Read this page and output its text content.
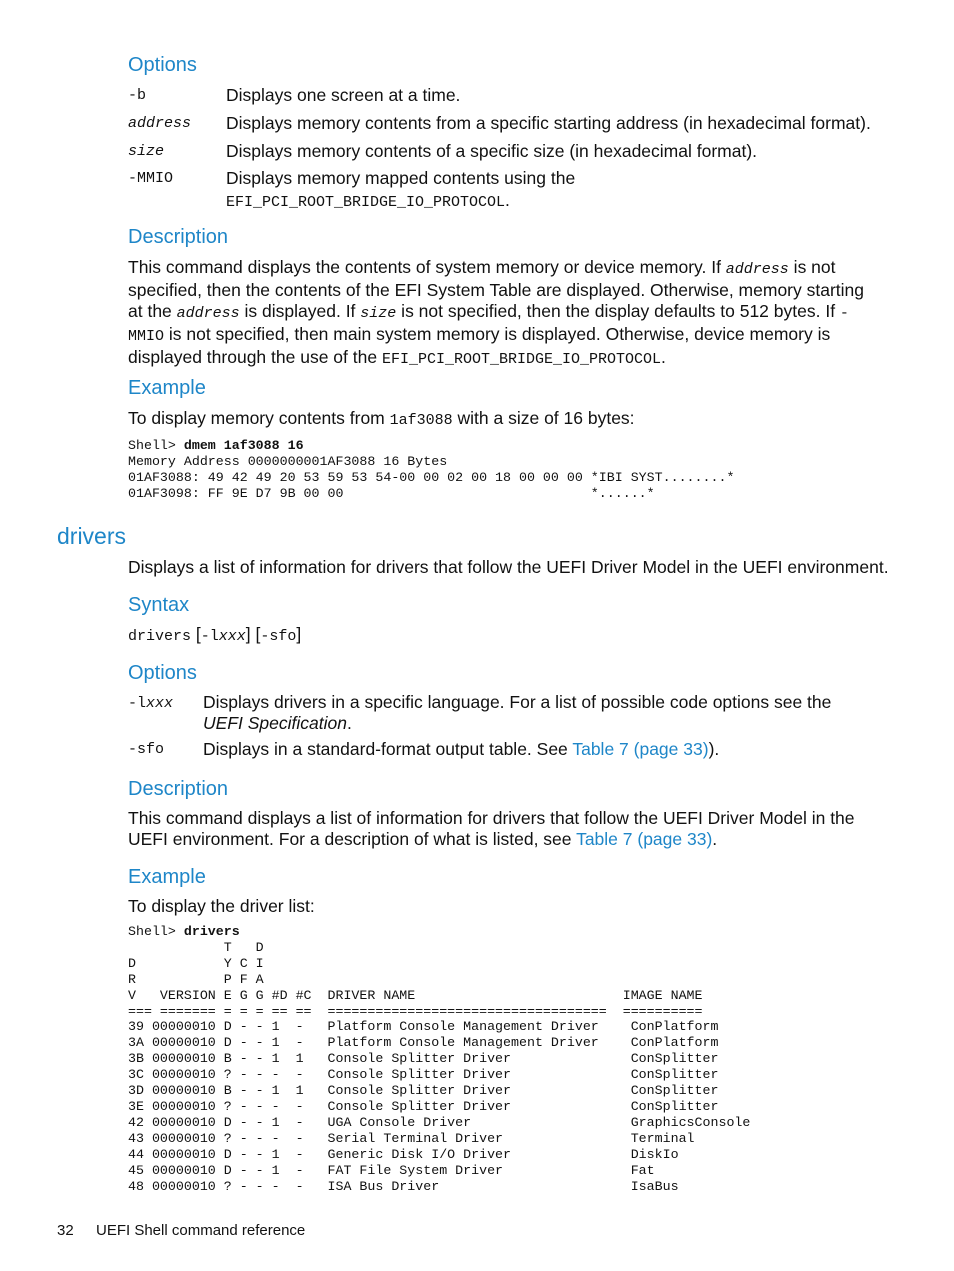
Options
-b	Displays one screen at a time.
address Displays memory contents from a specific starting address (in hexadecimal format).
size	Displays memory contents of a specific size (in hexadecimal format).
-MMIO	Displays memory mapped contents using the
EFI_PCI_ROOT_BRIDGE_IO_PROTOCOL.
Description
This command displays the contents of system memory or device memory. If address is not specified, then the contents of the EFI System Table are displayed. Otherwise, memory starting at the address is displayed. If size is not specified, then the display defaults to 512 bytes. If -MMIO is not specified, then main system memory is displayed. Otherwise, device memory is displayed through the use of the EFI_PCI_ROOT_BRIDGE_IO_PROTOCOL.
Example
To display memory contents from 1af3088 with a size of 16 bytes:
Shell> dmem 1af3088 16
Memory Address 0000000001AF3088 16 Bytes
01AF3088: 49 42 49 20 53 59 53 54-00 00 02 00 18 00 00 00 *IBI SYST........*
01AF3098: FF 9E D7 9B 00 00                               *......*
drivers
Displays a list of information for drivers that follow the UEFI Driver Model in the UEFI environment.
Syntax
drivers [-lxxx] [-sfo]
Options
-lxxx Displays drivers in a specific language. For a list of possible code options see the UEFI Specification.
-sfo Displays in a standard-format output table. See Table 7 (page 33)).
Description
This command displays a list of information for drivers that follow the UEFI Driver Model in the UEFI environment. For a description of what is listed, see Table 7 (page 33).
Example
To display the driver list:
Shell> drivers
T   D
D           Y C I
R           P F A
V   VERSION E G G #D #C  DRIVER NAME                          IMAGE NAME
=== ======= = = = == ==  ===================================  ==========
39 00000010 D - - 1  -   Platform Console Management Driver    ConPlatform
3A 00000010 D - - 1  -   Platform Console Management Driver    ConPlatform
3B 00000010 B - - 1  1   Console Splitter Driver               ConSplitter
3C 00000010 ? - - -  -   Console Splitter Driver               ConSplitter
3D 00000010 B - - 1  1   Console Splitter Driver               ConSplitter
3E 00000010 ? - - -  -   Console Splitter Driver               ConSplitter
42 00000010 D - - 1  -   UGA Console Driver                    GraphicsConsole
43 00000010 ? - - -  -   Serial Terminal Driver                Terminal
44 00000010 D - - 1  -   Generic Disk I/O Driver               DiskIo
45 00000010 D - - 1  -   FAT File System Driver                Fat
48 00000010 ? - - -  -   ISA Bus Driver                        IsaBus
32 UEFI Shell command reference
